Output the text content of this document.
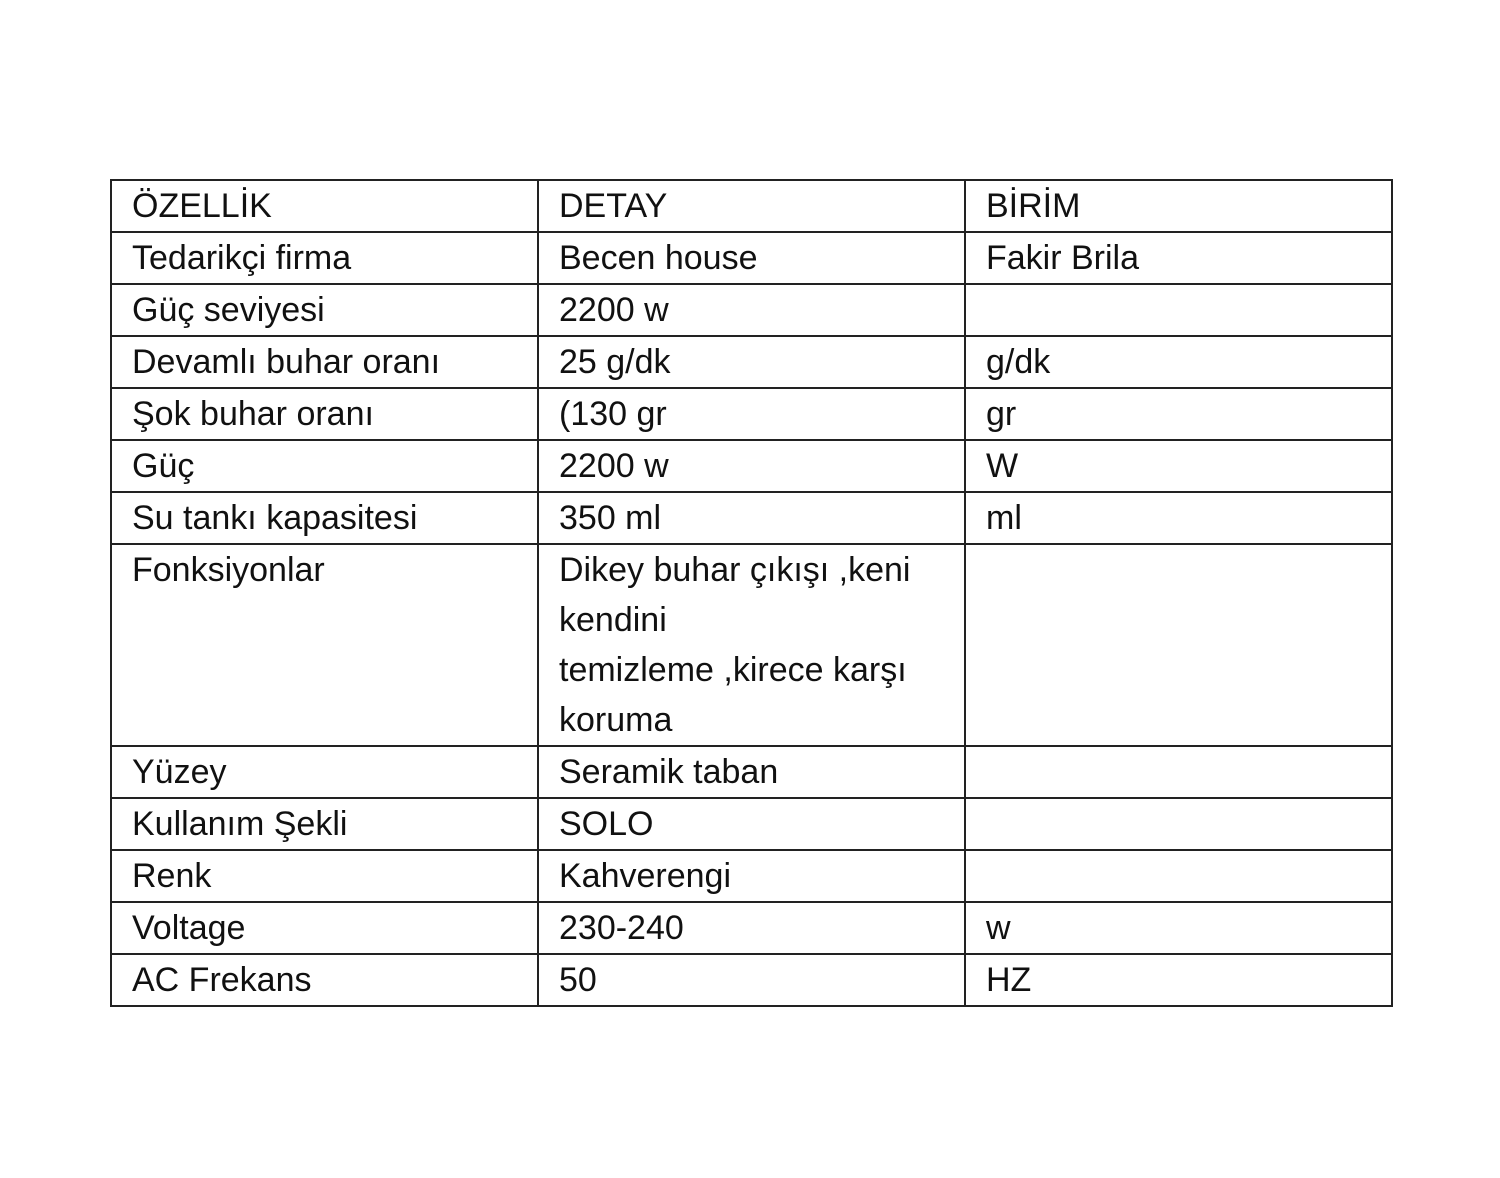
ÖZELLİK	DETAY	BİRİM
Tedarikçi firma	Becen house	Fakir Brila
Güç seviyesi	2200 w	
Devamlı buhar oranı	25 g/dk	g/dk
Şok buhar oranı	(130 gr	gr
Güç	2200 w	W
Su tankı kapasitesi	350 ml	ml
Fonksiyonlar	Dikey buhar çıkışı ,keni
kendini
temizleme ,kirece karşı
koruma	
Yüzey	Seramik taban	
Kullanım Şekli	SOLO	
Renk	Kahverengi	
Voltage	230-240	w
AC Frekans	50	HZ
